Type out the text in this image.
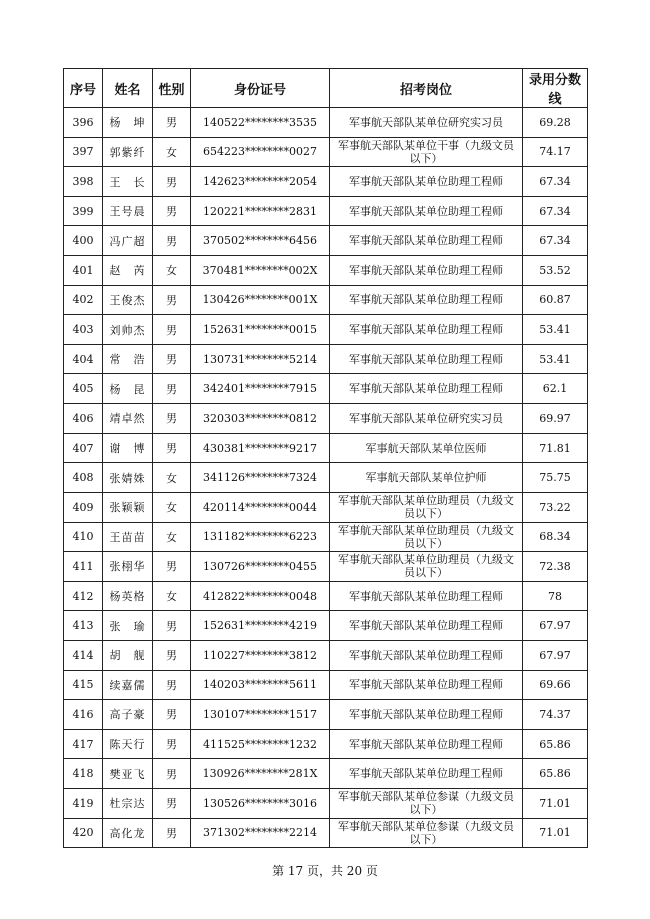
序号	姓名	性别	身份证号	招考岗位	录用分数线
396	杨　坤	男	140522********3535	军事航天部队某单位研究实习员	69.28
397	郭紫纤	女	654223********0027	军事航天部队某单位干事（九级文员以下）	74.17
398	王　长	男	142623********2054	军事航天部队某单位助理工程师	67.34
399	王号晨	男	120221********2831	军事航天部队某单位助理工程师	67.34
400	冯广超	男	370502********6456	军事航天部队某单位助理工程师	67.34
401	赵　芮	女	370481********002X	军事航天部队某单位助理工程师	53.52
402	王俊杰	男	130426********001X	军事航天部队某单位助理工程师	60.87
403	刘帅杰	男	152631********0015	军事航天部队某单位助理工程师	53.41
404	常　浩	男	130731********5214	军事航天部队某单位助理工程师	53.41
405	杨　昆	男	342401********7915	军事航天部队某单位助理工程师	62.1
406	靖卓然	男	320303********0812	军事航天部队某单位研究实习员	69.97
407	谢　博	男	430381********9217	军事航天部队某单位医师	71.81
408	张婧姝	女	341126********7324	军事航天部队某单位护师	75.75
409	张颖颖	女	420114********0044	军事航天部队某单位助理员（九级文员以下）	73.22
410	王苗苗	女	131182********6223	军事航天部队某单位助理员（九级文员以下）	68.34
411	张栩华	男	130726********0455	军事航天部队某单位助理员（九级文员以下）	72.38
412	杨英格	女	412822********0048	军事航天部队某单位助理工程师	78
413	张　瑜	男	152631********4219	军事航天部队某单位助理工程师	67.97
414	胡　舰	男	110227********3812	军事航天部队某单位助理工程师	67.97
415	续嘉儒	男	140203********5611	军事航天部队某单位助理工程师	69.66
416	高子豪	男	130107********1517	军事航天部队某单位助理工程师	74.37
417	陈天行	男	411525********1232	军事航天部队某单位助理工程师	65.86
418	樊亚飞	男	130926********281X	军事航天部队某单位助理工程师	65.86
419	杜宗达	男	130526********3016	军事航天部队某单位参谋（九级文员以下）	71.01
420	高化龙	男	371302********2214	军事航天部队某单位参谋（九级文员以下）	71.01
第 17 页，共 20 页
